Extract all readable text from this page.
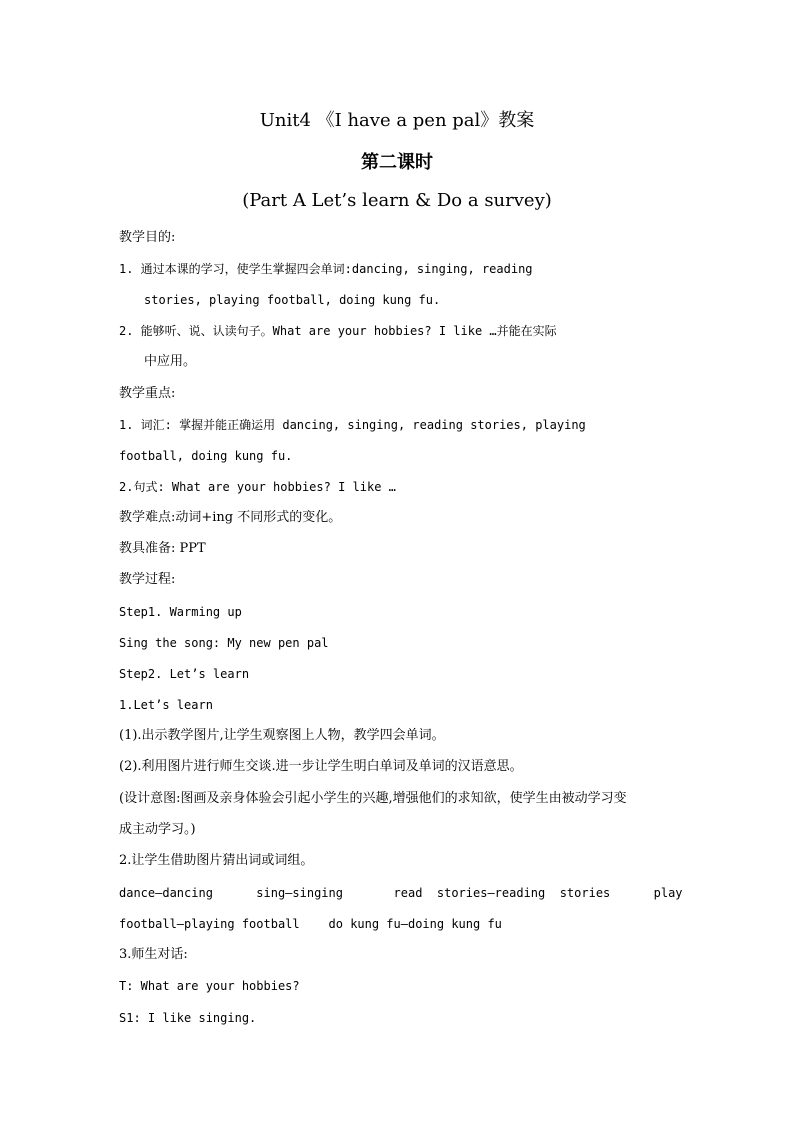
Unit4 《I have a pen pal》教案
第二课时
(Part A Let’s learn & Do a survey)
教学目的:
1. 通过本课的学习，使学生掌握四会单词:dancing, singing, reading
stories, playing football, doing kung fu.
2. 能够听、说、认读句子。What are your hobbies? I like …并能在实际
中应用。
教学重点:
1. 词汇: 掌握并能正确运用 dancing, singing, reading stories, playing
football, doing kung fu.
2.句式: What are your hobbies? I like …
教学难点:动词+ing 不同形式的变化。
教具准备: PPT
教学过程:
Step1. Warming up
Sing the song: My new pen pal
Step2. Let’s learn
1.Let’s learn
(1).出示教学图片,让学生观察图上人物，教学四会单词。
(2).利用图片进行师生交谈.进一步让学生明白单词及单词的汉语意思。
(设计意图:图画及亲身体验会引起小学生的兴趣,增强他们的求知欲，使学生由被动学习变
成主动学习。)
2.让学生借助图片猜出词或词组。
dance—dancing      sing—singing       read  stories—reading  stories      play
football—playing football    do kung fu—doing kung fu
3.师生对话:
T: What are your hobbies?
S1: I like singing.
